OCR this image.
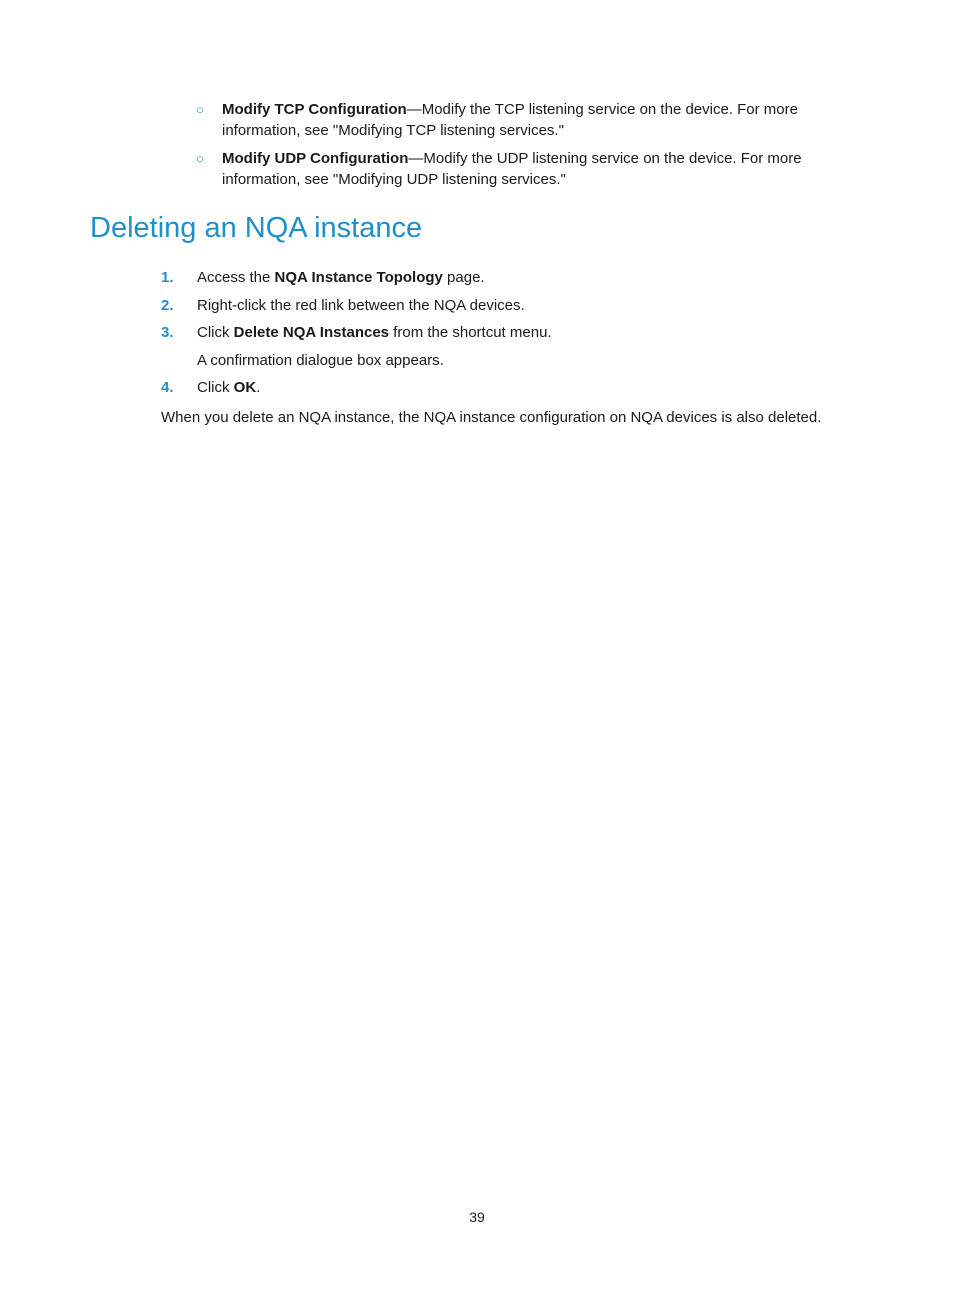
○ Modify TCP Configuration—Modify the TCP listening service on the device. For more information, see "Modifying TCP listening services."
○ Modify UDP Configuration—Modify the UDP listening service on the device. For more information, see "Modifying UDP listening services."
Deleting an NQA instance
1. Access the NQA Instance Topology page.
2. Right-click the red link between the NQA devices.
3. Click Delete NQA Instances from the shortcut menu.
A confirmation dialogue box appears.
4. Click OK.

When you delete an NQA instance, the NQA instance configuration on NQA devices is also deleted.

39
